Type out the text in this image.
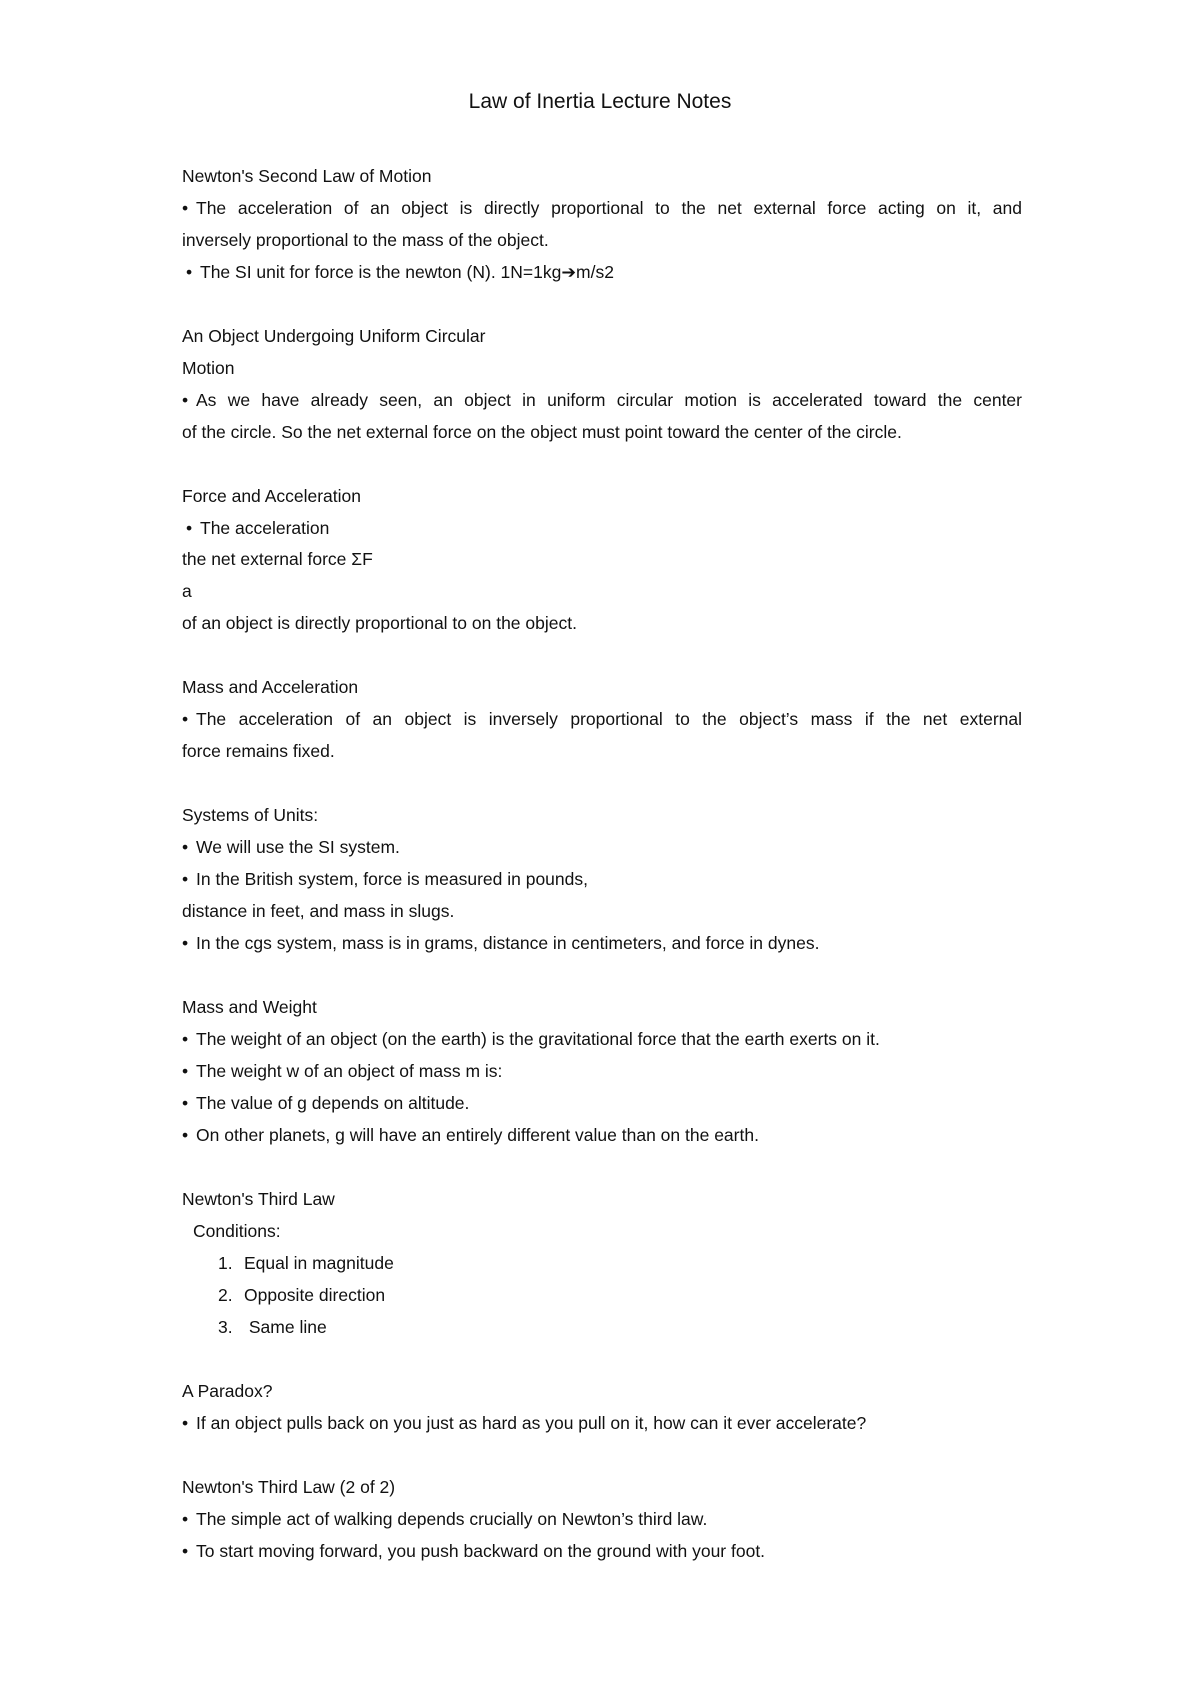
Law of Inertia Lecture Notes
Newton's Second Law of Motion
• The acceleration of an object is directly proportional to the net external force acting on it, and
inversely proportional to the mass of the object.
• The SI unit for force is the newton (N). 1N=1kg➔m/s2
An Object Undergoing Uniform Circular
Motion
• As we have already seen, an object in uniform circular motion is accelerated toward the center
of the circle. So the net external force on the object must point toward the center of the circle.
Force and Acceleration
• The acceleration
the net external force ΣF
a
of an object is directly proportional to on the object.
Mass and Acceleration
• The acceleration of an object is inversely proportional to the object’s mass if the net external
force remains fixed.
Systems of Units:
• We will use the SI system.
• In the British system, force is measured in pounds,
distance in feet, and mass in slugs.
• In the cgs system, mass is in grams, distance in centimeters, and force in dynes.
Mass and Weight
• The weight of an object (on the earth) is the gravitational force that the earth exerts on it.
• The weight w of an object of mass m is:
• The value of g depends on altitude.
• On other planets, g will have an entirely different value than on the earth.
Newton's Third Law
Conditions:
1. Equal in magnitude
2. Opposite direction
3. Same line
A Paradox?
• If an object pulls back on you just as hard as you pull on it, how can it ever accelerate?
Newton's Third Law (2 of 2)
• The simple act of walking depends crucially on Newton’s third law.
• To start moving forward, you push backward on the ground with your foot.
